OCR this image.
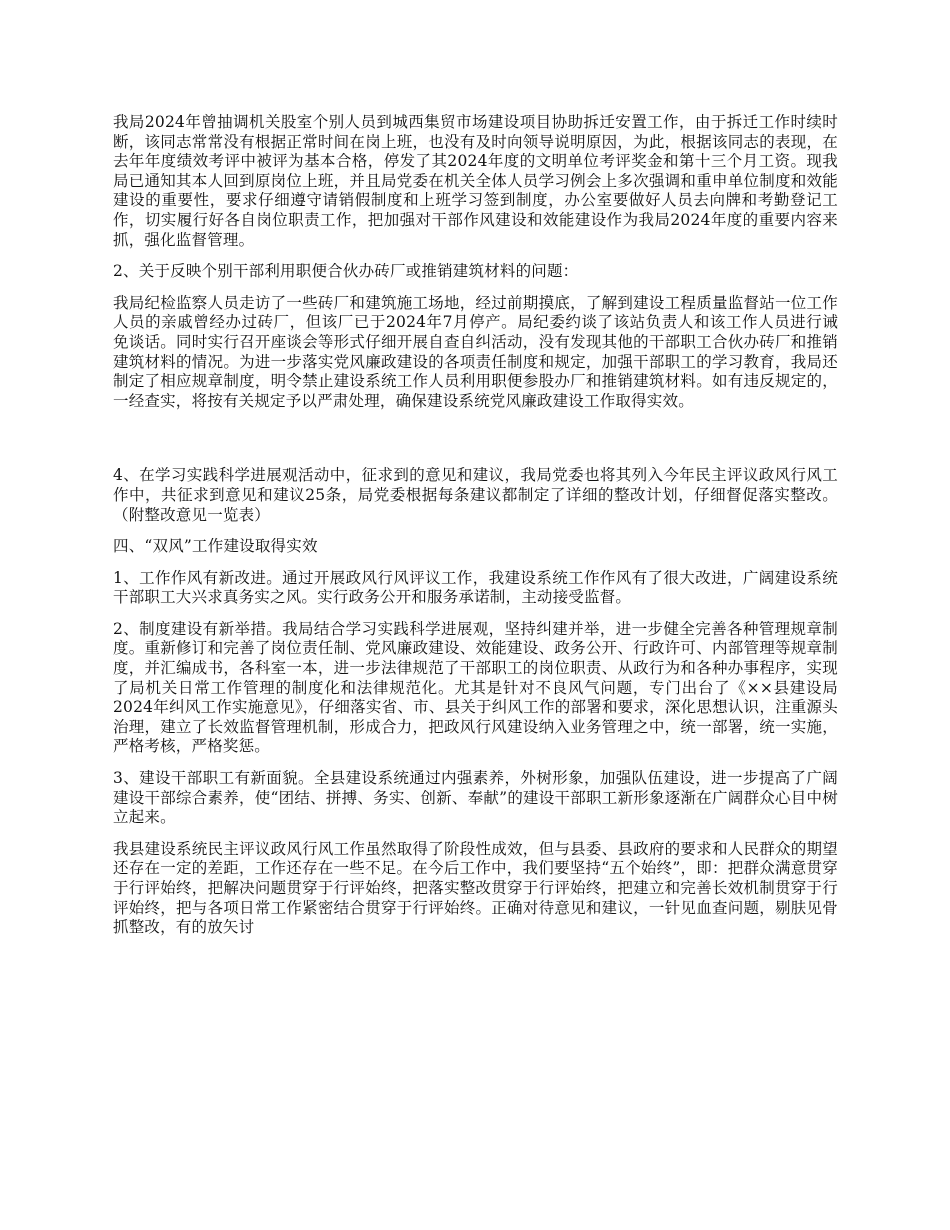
我局2024年曾抽调机关股室个别人员到城西集贸市场建设项目协助拆迁安置工作，由于拆迁工作时续时断，该同志常常没有根据正常时间在岗上班，也没有及时向领导说明原因，为此，根据该同志的表现，在去年年度绩效考评中被评为基本合格，停发了其2024年度的文明单位考评奖金和第十三个月工资。现我局已通知其本人回到原岗位上班，并且局党委在机关全体人员学习例会上多次强调和重申单位制度和效能建设的重要性，要求仔细遵守请销假制度和上班学习签到制度，办公室要做好人员去向牌和考勤登记工作，切实履行好各自岗位职责工作，把加强对干部作风建设和效能建设作为我局2024年度的重要内容来抓，强化监督管理。

2、关于反映个别干部利用职便合伙办砖厂或推销建筑材料的问题：

我局纪检监察人员走访了一些砖厂和建筑施工场地，经过前期摸底，了解到建设工程质量监督站一位工作人员的亲戚曾经办过砖厂，但该厂已于2024年7月停产。局纪委约谈了该站负责人和该工作人员进行诫免谈话。同时实行召开座谈会等形式仔细开展自查自纠活动，没有发现其他的干部职工合伙办砖厂和推销建筑材料的情况。为进一步落实党风廉政建设的各项责任制度和规定，加强干部职工的学习教育，我局还制定了相应规章制度，明令禁止建设系统工作人员利用职便参股办厂和推销建筑材料。如有违反规定的，一经查实，将按有关规定予以严肃处理，确保建设系统党风廉政建设工作取得实效。

4、在学习实践科学进展观活动中，征求到的意见和建议，我局党委也将其列入今年民主评议政风行风工作中，共征求到意见和建议25条，局党委根据每条建议都制定了详细的整改计划，仔细督促落实整改。（附整改意见一览表）

四、“双风”工作建设取得实效

1、工作作风有新改进。通过开展政风行风评议工作，我建设系统工作作风有了很大改进，广阔建设系统干部职工大兴求真务实之风。实行政务公开和服务承诺制，主动接受监督。

2、制度建设有新举措。我局结合学习实践科学进展观，坚持纠建并举，进一步健全完善各种管理规章制度。重新修订和完善了岗位责任制、党风廉政建设、效能建设、政务公开、行政许可、内部管理等规章制度，并汇编成书，各科室一本，进一步法律规范了干部职工的岗位职责、从政行为和各种办事程序，实现了局机关日常工作管理的制度化和法律规范化。尤其是针对不良风气问题，专门出台了《××县建设局2024年纠风工作实施意见》，仔细落实省、市、县关于纠风工作的部署和要求，深化思想认识，注重源头治理，建立了长效监督管理机制，形成合力，把政风行风建设纳入业务管理之中，统一部署，统一实施，严格考核，严格奖惩。

3、建设干部职工有新面貌。全县建设系统通过内强素养，外树形象，加强队伍建设，进一步提高了广阔建设干部综合素养，使“团结、拼搏、务实、创新、奉献”的建设干部职工新形象逐渐在广阔群众心目中树立起来。

我县建设系统民主评议政风行风工作虽然取得了阶段性成效，但与县委、县政府的要求和人民群众的期望还存在一定的差距，工作还存在一些不足。在今后工作中，我们要坚持“五个始终”，即：把群众满意贯穿于行评始终，把解决问题贯穿于行评始终，把落实整改贯穿于行评始终，把建立和完善长效机制贯穿于行评始终，把与各项日常工作紧密结合贯穿于行评始终。正确对待意见和建议，一针见血查问题，剔肤见骨抓整改，有的放矢讨
